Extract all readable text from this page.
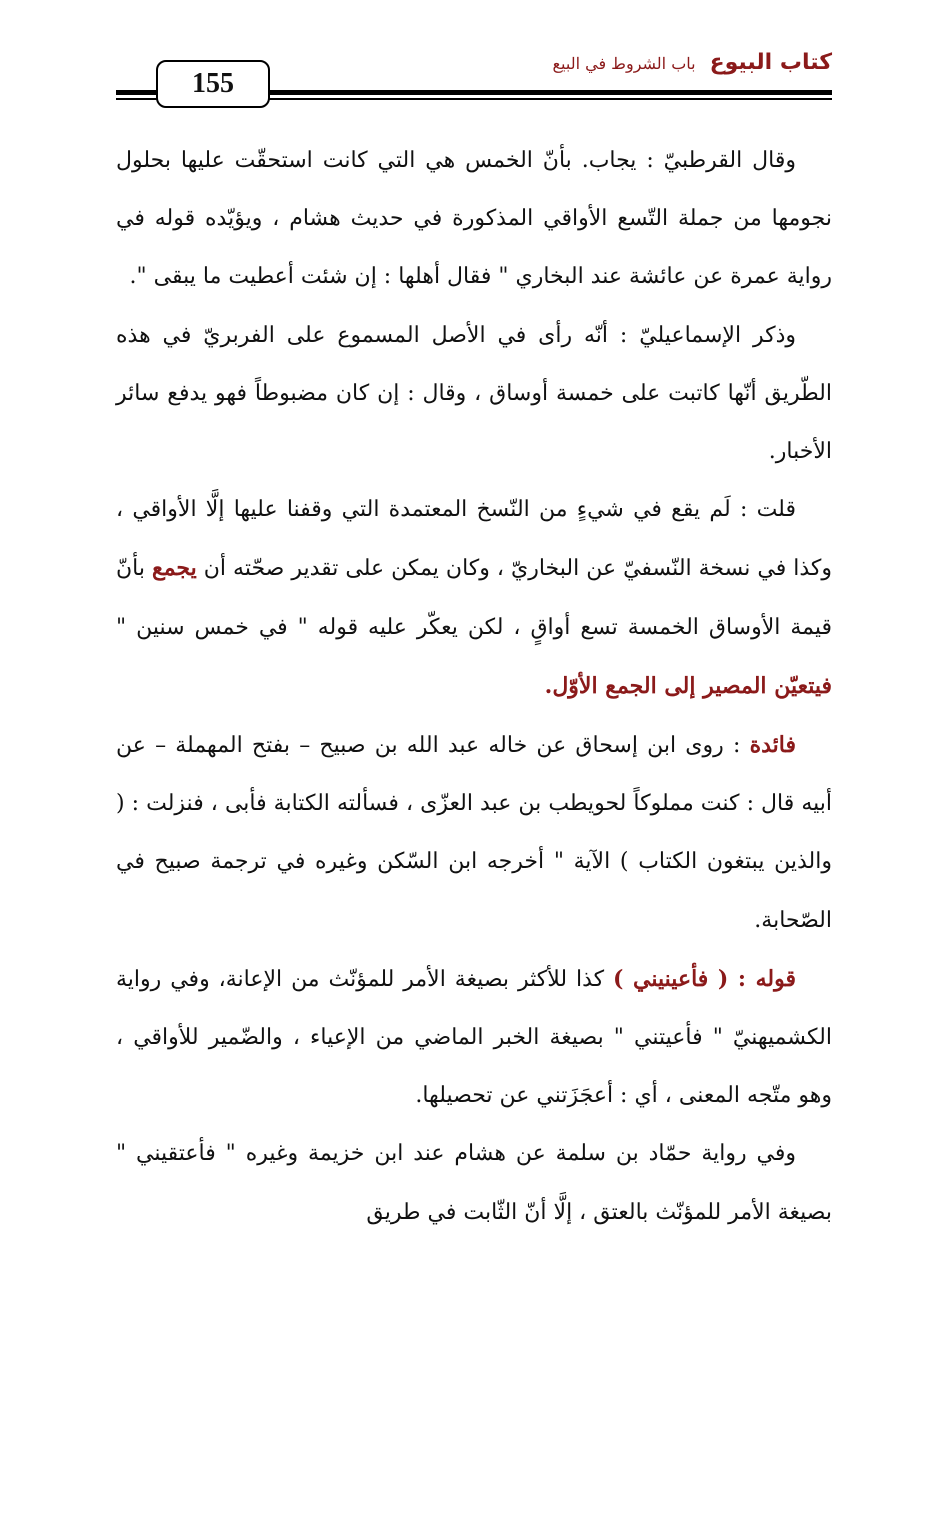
155
كتاب البيوع
باب الشروط في البيع

وقال القرطبيّ : يجاب. بأنّ الخمس هي التي كانت استحقّت عليها بحلول نجومها من جملة التّسع الأواقي المذكورة في حديث هشام ، ويؤيّده قوله في رواية عمرة عن عائشة عند البخاري " فقال أهلها : إن شئت أعطيت ما يبقى ".

وذكر الإسماعيليّ : أنّه رأى في الأصل المسموع على الفربريّ في هذه الطّريق أنّها كاتبت على خمسة أوساق ، وقال : إن كان مضبوطاً فهو يدفع سائر الأخبار.

قلت : لَم يقع في شيءٍ من النّسخ المعتمدة التي وقفنا عليها إلَّا الأواقي ، وكذا في نسخة النّسفيّ عن البخاريّ ، وكان يمكن على تقدير صحّته أن يجمع بأنّ قيمة الأوساق الخمسة تسع أواقٍ ، لكن يعكّر عليه قوله " في خمس سنين " فيتعيّن المصير إلى الجمع الأوّل.

فائدة : روى ابن إسحاق عن خاله عبد الله بن صبيح – بفتح المهملة – عن أبيه قال : كنت مملوكاً لحويطب بن عبد العزّى ، فسألته الكتابة فأبى ، فنزلت : ( والذين يبتغون الكتاب ) الآية " أخرجه ابن السّكن وغيره في ترجمة صبيح في الصّحابة.

قوله : ( فأعينيني ) كذا للأكثر بصيغة الأمر للمؤنّث من الإعانة، وفي رواية الكشميهنيّ " فأعيتني " بصيغة الخبر الماضي من الإعياء ، والضّمير للأواقي ، وهو متّجه المعنى ، أي : أعجَزَتني عن تحصيلها.

وفي رواية حمّاد بن سلمة عن هشام عند ابن خزيمة وغيره " فأعتقيني " بصيغة الأمر للمؤنّث بالعتق ، إلَّا أنّ الثّابت في طريق
